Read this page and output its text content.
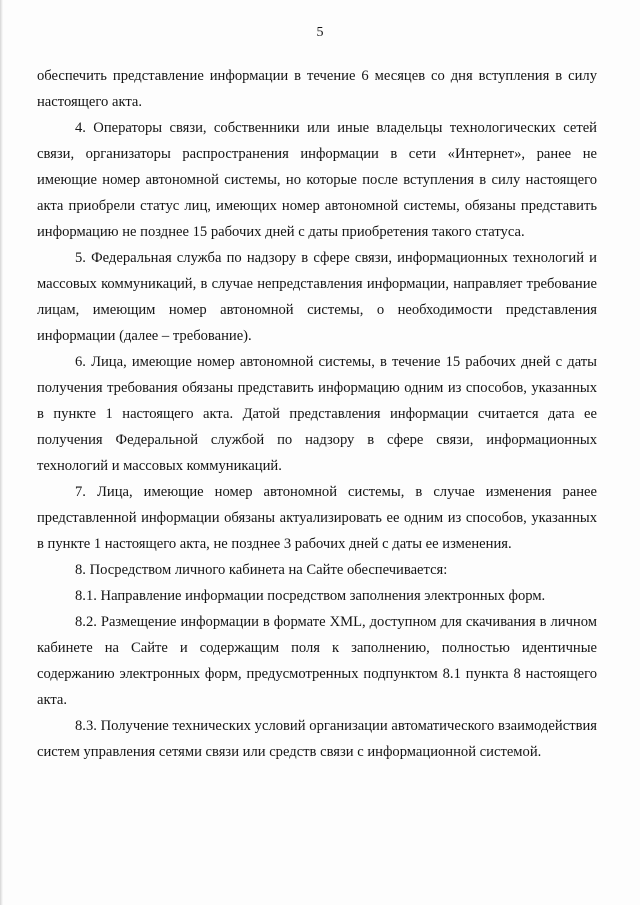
5

обеспечить представление информации в течение 6 месяцев со дня вступления в силу настоящего акта.

4. Операторы связи, собственники или иные владельцы технологических сетей связи, организаторы распространения информации в сети «Интернет», ранее не имеющие номер автономной системы, но которые после вступления в силу настоящего акта приобрели статус лиц, имеющих номер автономной системы, обязаны представить информацию не позднее 15 рабочих дней с даты приобретения такого статуса.

5. Федеральная служба по надзору в сфере связи, информационных технологий и массовых коммуникаций, в случае непредставления информации, направляет требование лицам, имеющим номер автономной системы, о необходимости представления информации (далее – требование).

6. Лица, имеющие номер автономной системы, в течение 15 рабочих дней с даты получения требования обязаны представить информацию одним из способов, указанных в пункте 1 настоящего акта. Датой представления информации считается дата ее получения Федеральной службой по надзору в сфере связи, информационных технологий и массовых коммуникаций.

7. Лица, имеющие номер автономной системы, в случае изменения ранее представленной информации обязаны актуализировать ее одним из способов, указанных в пункте 1 настоящего акта, не позднее 3 рабочих дней с даты ее изменения.

8. Посредством личного кабинета на Сайте обеспечивается:

8.1. Направление информации посредством заполнения электронных форм.

8.2. Размещение информации в формате XML, доступном для скачивания в личном кабинете на Сайте и содержащим поля к заполнению, полностью идентичные содержанию электронных форм, предусмотренных подпунктом 8.1 пункта 8 настоящего акта.

8.3. Получение технических условий организации автоматического взаимодействия систем управления сетями связи или средств связи с информационной системой.
